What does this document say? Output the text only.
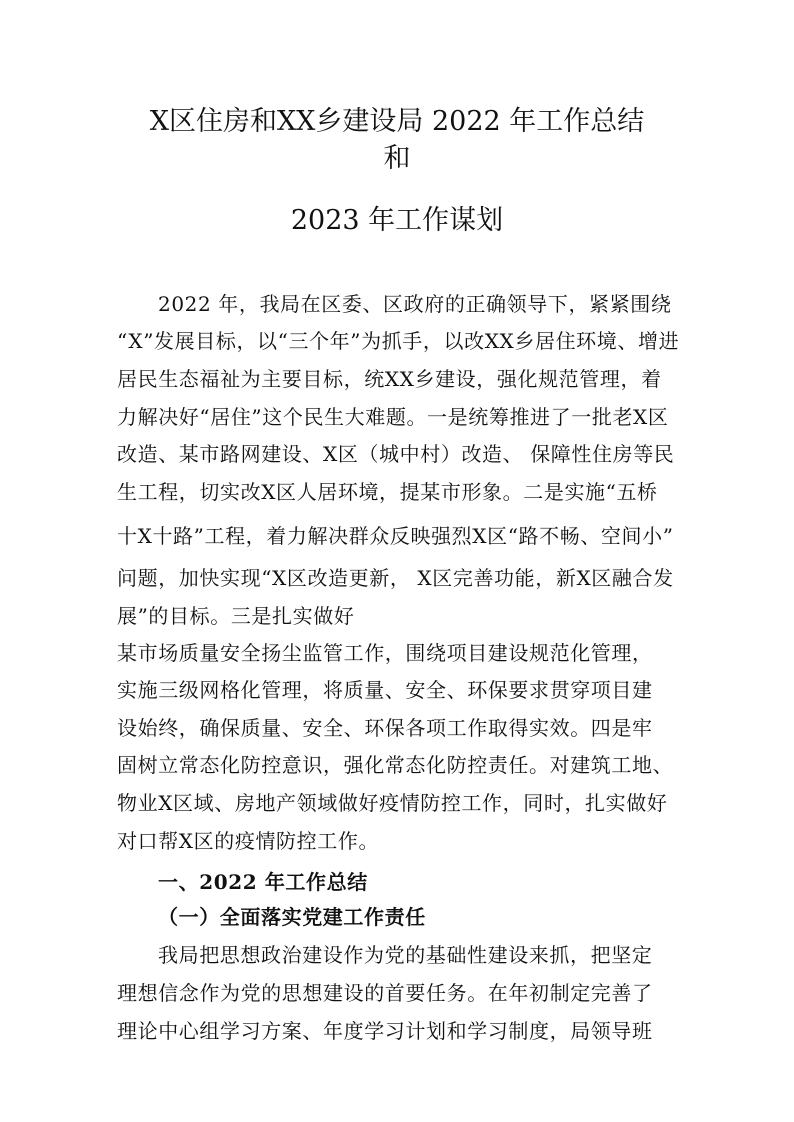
X区住房和XX乡建设局 2022 年工作总结
和
2023 年工作谋划
2022 年，我局在区委、区政府的正确领导下，紧紧围绕
“X”发展目标，以“三个年”为抓手，以改XX乡居住环境、增进
居民生态福祉为主要目标，统XX乡建设，强化规范管理，着
力解决好“居住”这个民生大难题。一是统筹推进了一批老X区
改造、某市路网建设、X区（城中村）改造、 保障性住房等民
生工程，切实改X区人居环境，提某市形象。二是实施“五桥
十X十路”工程，着力解决群众反映强烈X区“路不畅、空间小”
问题，加快实现“X区改造更新， X区完善功能，新X区融合发
展”的目标。三是扎实做好
某市场质量安全扬尘监管工作，围绕项目建设规范化管理，
实施三级网格化管理，将质量、安全、环保要求贯穿项目建
设始终，确保质量、安全、环保各项工作取得实效。四是牢
固树立常态化防控意识，强化常态化防控责任。对建筑工地、
物业X区域、房地产领域做好疫情防控工作，同时，扎实做好
对口帮X区的疫情防控工作。
一、2022 年工作总结
（一）全面落实党建工作责任
我局把思想政治建设作为党的基础性建设来抓，把坚定
理想信念作为党的思想建设的首要任务。在年初制定完善了
理论中心组学习方案、年度学习计划和学习制度，局领导班
